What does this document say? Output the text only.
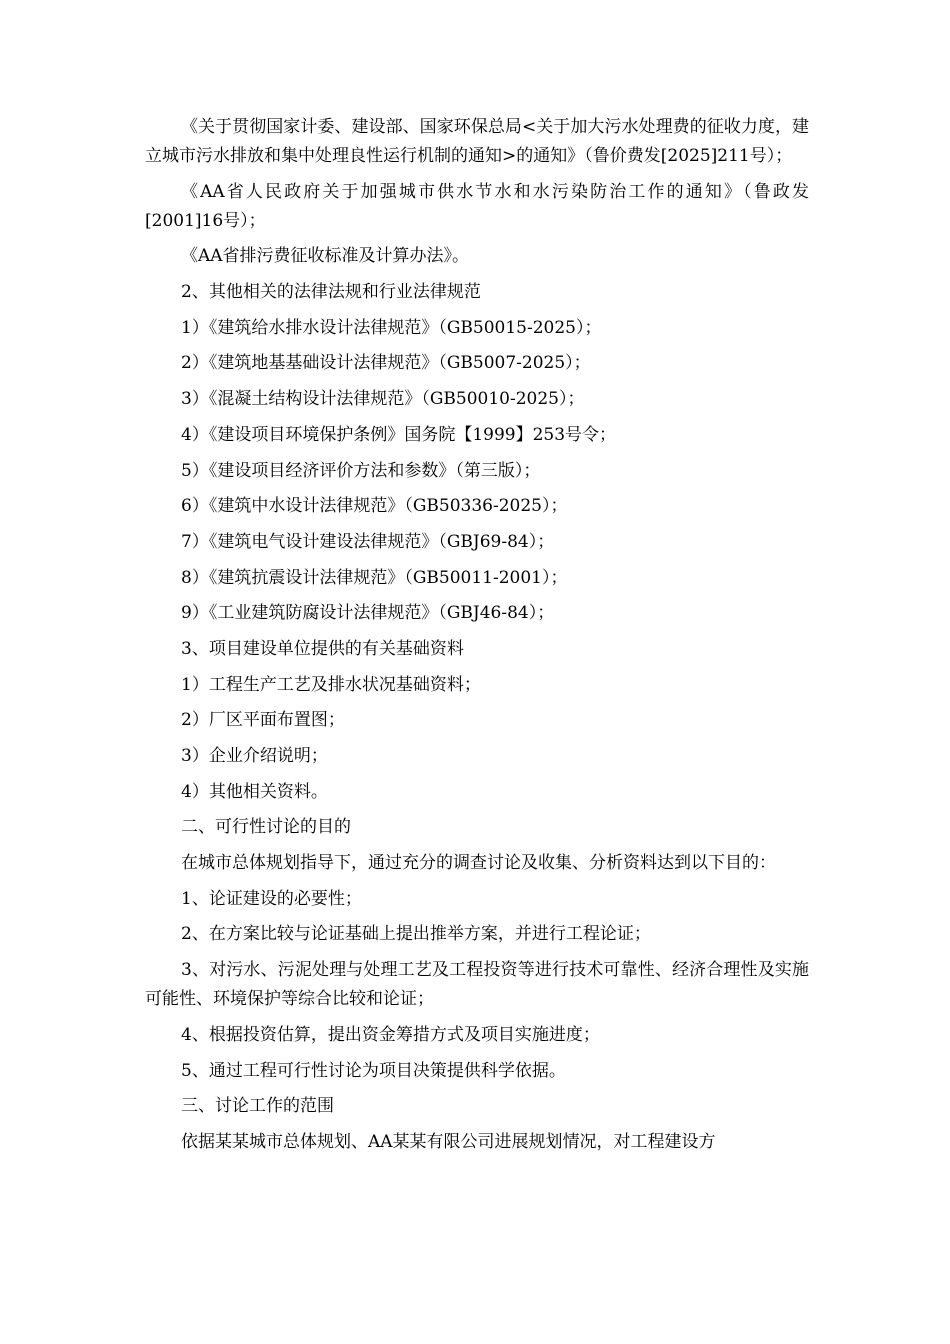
《关于贯彻国家计委、建设部、国家环保总局<关于加大污水处理费的征收力度，建立城市污水排放和集中处理良性运行机制的通知>的通知》（鲁价费发[2025]211号）；

《AA省人民政府关于加强城市供水节水和水污染防治工作的通知》（鲁政发[2001]16号）；

《AA省排污费征收标准及计算办法》。

2、其他相关的法律法规和行业法律规范

1）《建筑给水排水设计法律规范》（GB50015-2025）；

2）《建筑地基基础设计法律规范》（GB5007-2025）；

3）《混凝土结构设计法律规范》（GB50010-2025）；

4）《建设项目环境保护条例》国务院【1999】253号令；

5）《建设项目经济评价方法和参数》（第三版）；

6）《建筑中水设计法律规范》（GB50336-2025）；

7）《建筑电气设计建设法律规范》（GBJ69-84）；

8）《建筑抗震设计法律规范》（GB50011-2001）；

9）《工业建筑防腐设计法律规范》（GBJ46-84）；

3、项目建设单位提供的有关基础资料

1）工程生产工艺及排水状况基础资料；

2）厂区平面布置图；

3）企业介绍说明；

4）其他相关资料。

二、可行性讨论的目的

在城市总体规划指导下，通过充分的调查讨论及收集、分析资料达到以下目的：

1、论证建设的必要性；

2、在方案比较与论证基础上提出推举方案，并进行工程论证；

3、对污水、污泥处理与处理工艺及工程投资等进行技术可靠性、经济合理性及实施可能性、环境保护等综合比较和论证；

4、根据投资估算，提出资金筹措方式及项目实施进度；

5、通过工程可行性讨论为项目决策提供科学依据。

三、讨论工作的范围

依据某某城市总体规划、AA某某有限公司进展规划情况，对工程建设方
